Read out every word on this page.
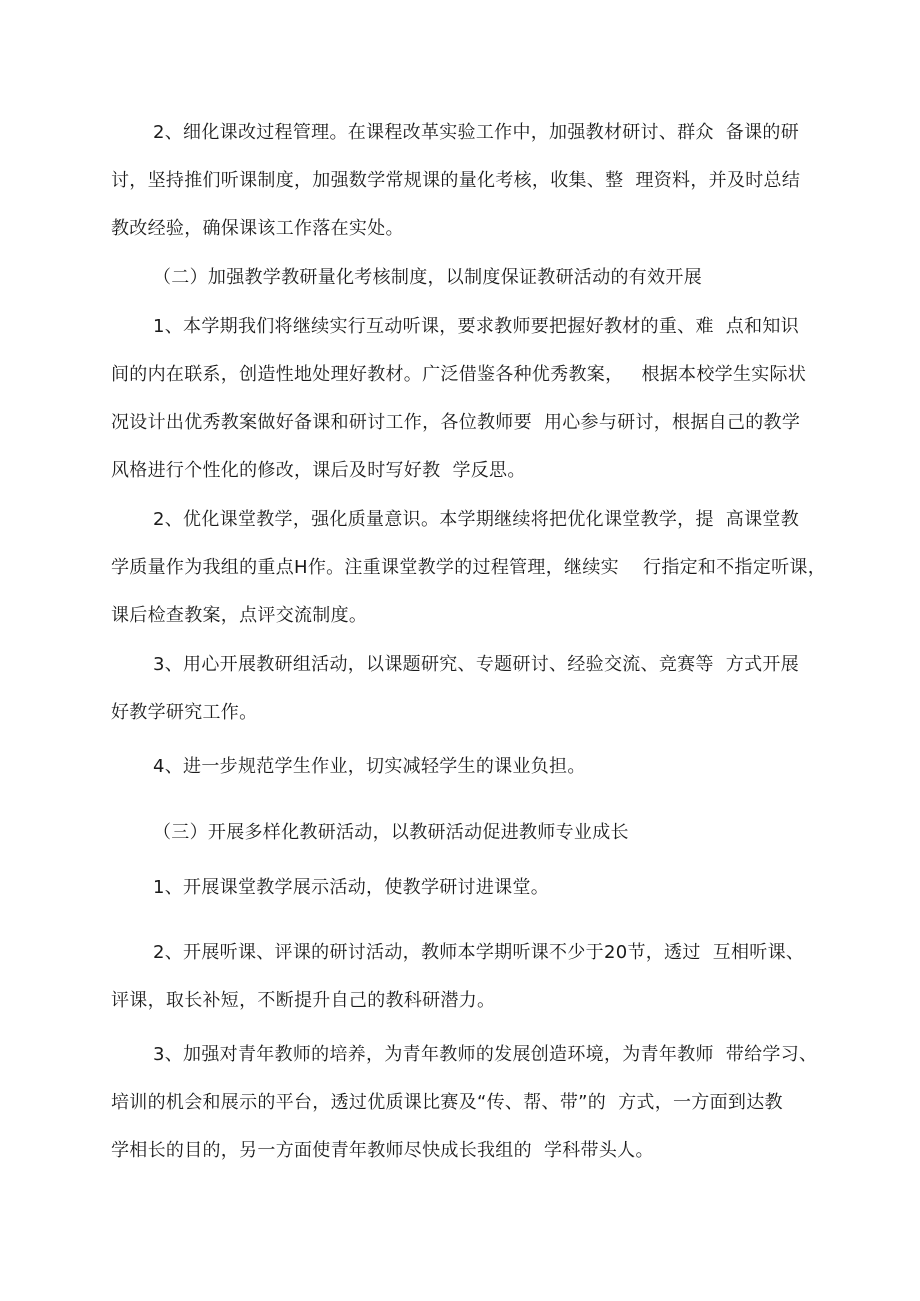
2、细化课改过程管理。在课程改革实验工作中，加强教材研讨、群众  备课的研
讨，坚持推们听课制度，加强数学常规课的量化考核，收集、整  理资料，并及时总结
教改经验，确保课该工作落在实处。
（二）加强教学教研量化考核制度，以制度保证教研活动的有效开展
1、本学期我们将继续实行互动听课，要求教师要把握好教材的重、难  点和知识
间的内在联系，创造性地处理好教材。广泛借鉴各种优秀教案，   根据本校学生实际状
况设计出优秀教案做好备课和研讨工作，各位教师要  用心参与研讨，根据自己的教学
风格进行个性化的修改，课后及时写好教  学反思。
2、优化课堂教学，强化质量意识。本学期继续将把优化课堂教学，提  高课堂教
学质量作为我组的重点H作。注重课堂教学的过程管理，继续实    行指定和不指定听课，
课后检查教案，点评交流制度。
3、用心开展教研组活动，以课题研究、专题研讨、经验交流、竞赛等  方式开展
好教学研究工作。
4、进一步规范学生作业，切实减轻学生的课业负担。
（三）开展多样化教研活动，以教研活动促进教师专业成长
1、开展课堂教学展示活动，使教学研讨进课堂。
2、开展听课、评课的研讨活动，教师本学期听课不少于20节，透过  互相听课、
评课，取长补短，不断提升自己的教科研潜力。
3、加强对青年教师的培养，为青年教师的发展创造环境，为青年教师  带给学习、
培训的机会和展示的平台，透过优质课比赛及“传、帮、带”的  方式，一方面到达教
学相长的目的，另一方面使青年教师尽快成长我组的  学科带头人。
